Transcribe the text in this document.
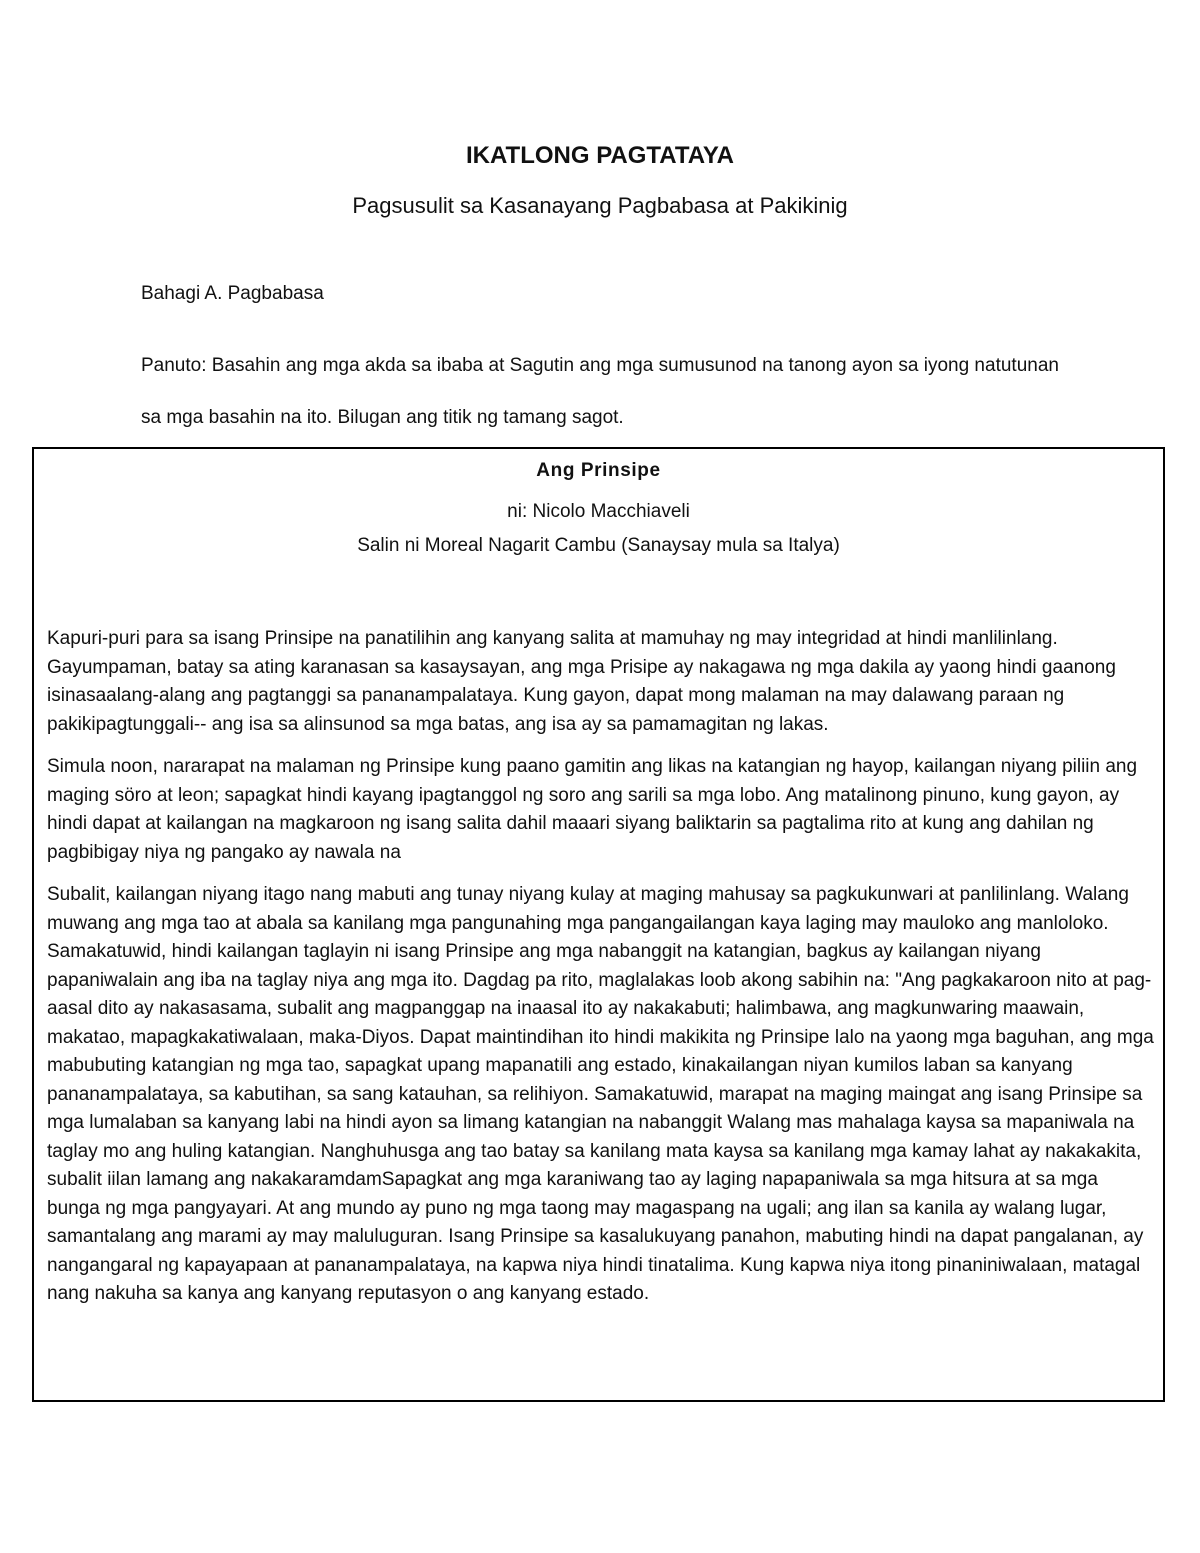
IKATLONG PAGTATAYA

Pagsusulit sa Kasanayang Pagbabasa at Pakikinig

Bahagi A. Pagbabasa

Panuto: Basahin ang mga akda sa ibaba at Sagutin ang mga sumusunod na tanong ayon sa iyong natutunan sa mga basahin na ito. Bilugan ang titik ng tamang sagot.

Ang Prinsipe

ni: Nicolo Macchiaveli

Salin ni Moreal Nagarit Cambu (Sanaysay mula sa Italya)

Kapuri-puri para sa isang Prinsipe na panatilihin ang kanyang salita at mamuhay ng may integridad at hindi manlilinlang. Gayumpaman, batay sa ating karanasan sa kasaysayan, ang mga Prisipe ay nakagawa ng mga dakila ay yaong hindi gaanong isinasaalang-alang ang pagtanggi sa pananampalataya. Kung gayon, dapat mong malaman na may dalawang paraan ng pakikipagtunggali-- ang isa sa alinsunod sa mga batas, ang isa ay sa pamamagitan ng lakas.

Simula noon, nararapat na malaman ng Prinsipe kung paano gamitin ang likas na katangian ng hayop, kailangan niyang piliin ang maging söro at leon; sapagkat hindi kayang ipagtanggol ng soro ang sarili sa mga lobo. Ang matalinong pinuno, kung gayon, ay hindi dapat at kailangan na magkaroon ng isang salita dahil maaari siyang baliktarin sa pagtalima rito at kung ang dahilan ng pagbibigay niya ng pangako ay nawala na

Subalit, kailangan niyang itago nang mabuti ang tunay niyang kulay at maging mahusay sa pagkukunwari at panlilinlang. Walang muwang ang mga tao at abala sa kanilang mga pangunahing mga pangangailangan kaya laging may mauloko ang manloloko. Samakatuwid, hindi kailangan taglayin ni isang Prinsipe ang mga nabanggit na katangian, bagkus ay kailangan niyang papaniwalain ang iba na taglay niya ang mga ito. Dagdag pa rito, maglalakas loob akong sabihin na: "Ang pagkakaroon nito at pag-aasal dito ay nakasasama, subalit ang magpanggap na inaasal ito ay nakakabuti; halimbawa, ang magkunwaring maawain, makatao, mapagkakatiwalaan, maka-Diyos. Dapat maintindihan ito hindi makikita ng Prinsipe lalo na yaong mga baguhan, ang mga mabubuting katangian ng mga tao, sapagkat upang mapanatili ang estado, kinakailangan niyan kumilos laban sa kanyang pananampalataya, sa kabutihan, sa sang katauhan, sa relihiyon. Samakatuwid, marapat na maging maingat ang isang Prinsipe sa mga lumalaban sa kanyang labi na hindi ayon sa limang katangian na nabanggit Walang mas mahalaga kaysa sa mapaniwala na taglay mo ang huling katangian. Nanghuhusga ang tao batay sa kanilang mata kaysa sa kanilang mga kamay lahat ay nakakakita, subalit iilan lamang ang nakakaramdamSapagkat ang mga karaniwang tao ay laging napapaniwala sa mga hitsura at sa mga bunga ng mga pangyayari. At ang mundo ay puno ng mga taong may magaspang na ugali; ang ilan sa kanila ay walang lugar, samantalang ang marami ay may maluluguran. Isang Prinsipe sa kasalukuyang panahon, mabuting hindi na dapat pangalanan, ay nangangaral ng kapayapaan at pananampalataya, na kapwa niya hindi tinatalima. Kung kapwa niya itong pinaniniwalaan, matagal nang nakuha sa kanya ang kanyang reputasyon o ang kanyang estado.
